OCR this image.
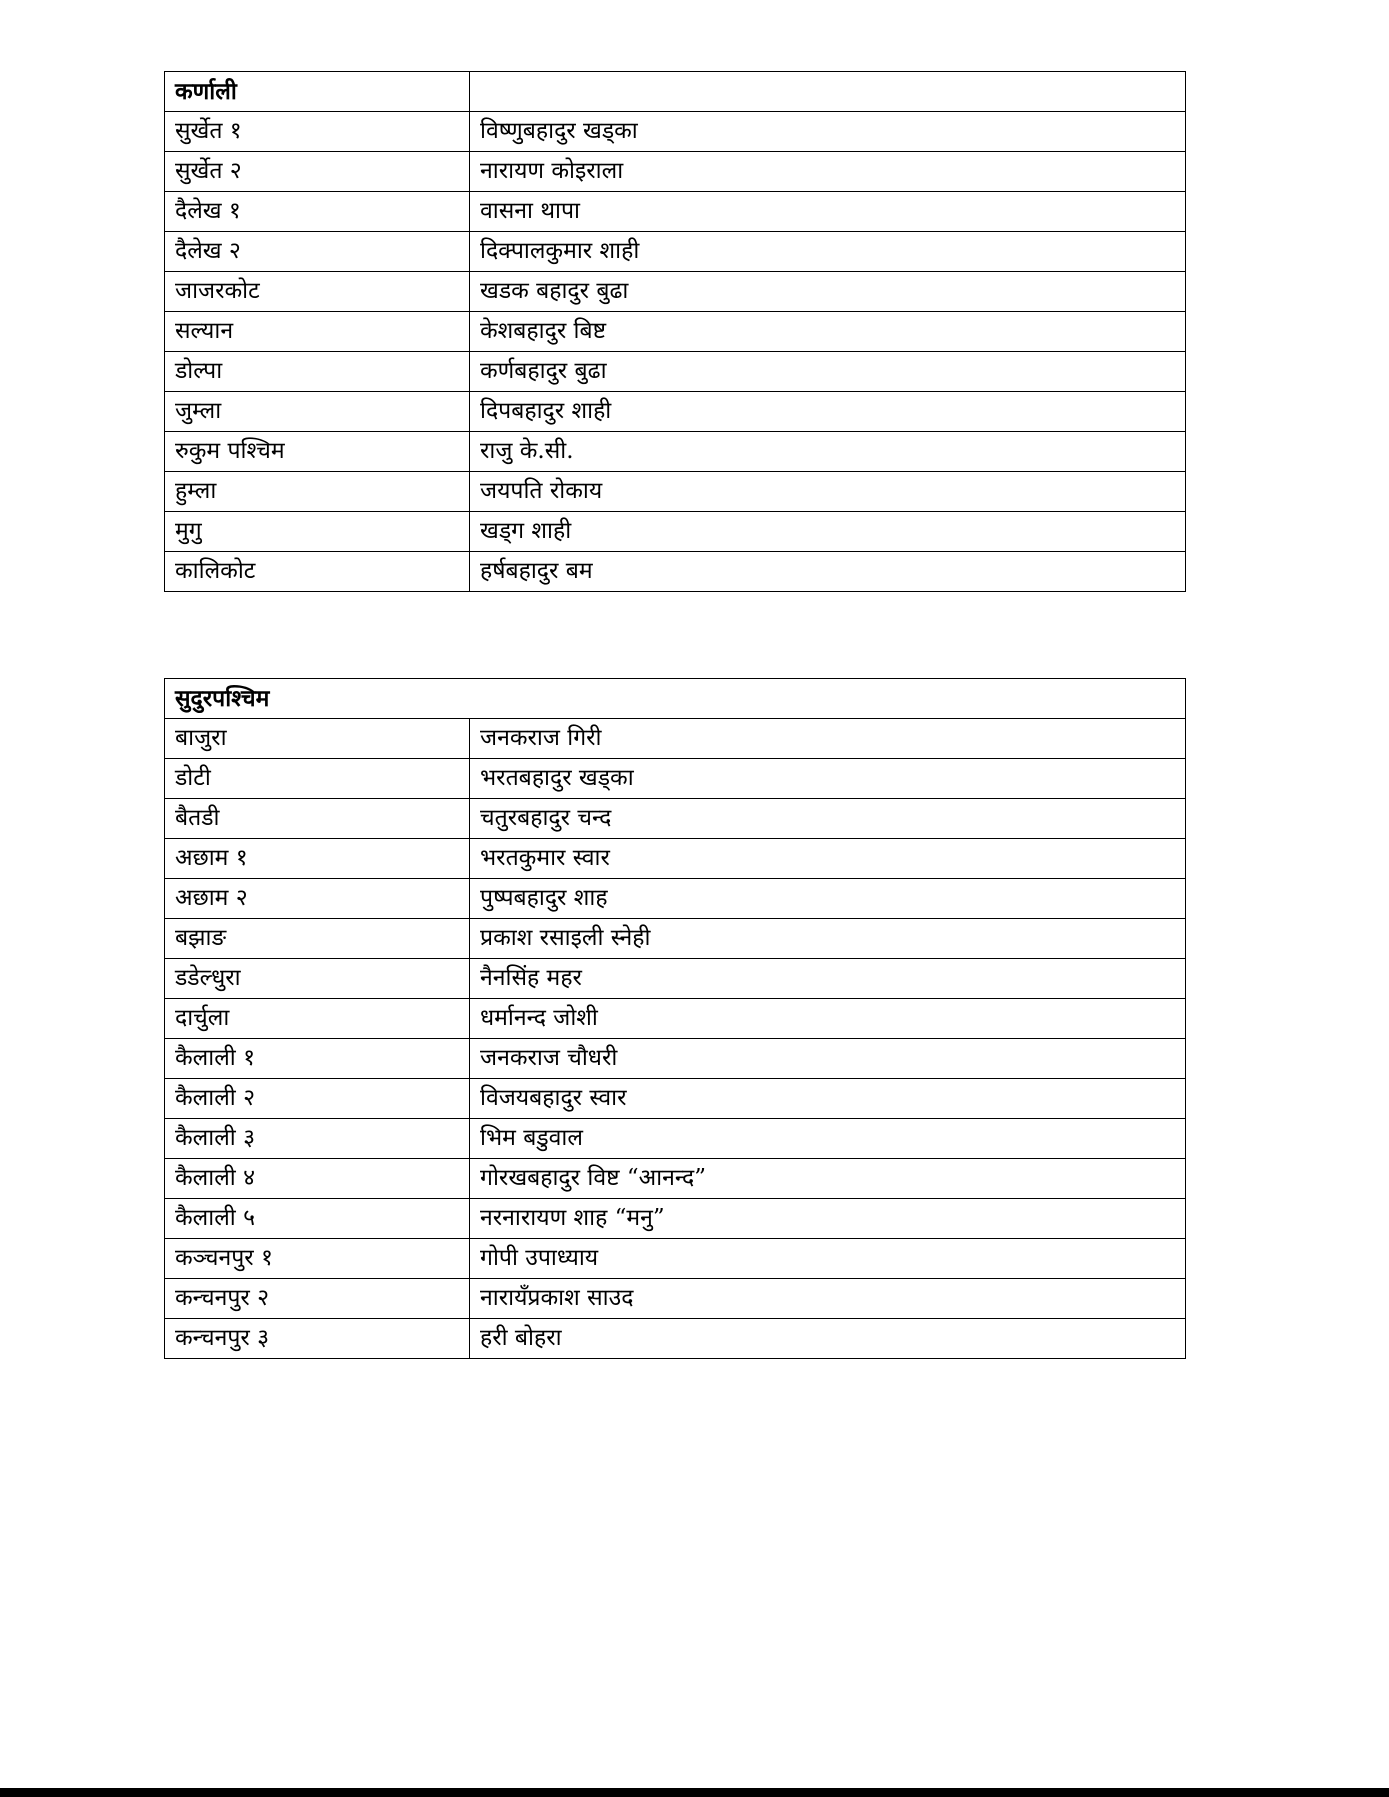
कर्णाली	
सुर्खेत १	विष्णुबहादुर खड्का
सुर्खेत २	नारायण कोइराला
दैलेख १	वासना थापा
दैलेख २	दिक्पालकुमार शाही
जाजरकोट	खडक बहादुर बुढा
सल्यान	केशबहादुर बिष्ट
डोल्पा	कर्णबहादुर बुढा
जुम्ला	दिपबहादुर शाही
रुकुम पश्चिम	राजु के.सी.
हुम्ला	जयपति रोकाय
मुगु	खड्ग शाही
कालिकोट	हर्षबहादुर बम
सुदुरपश्चिम	
बाजुरा	जनकराज गिरी
डोटी	भरतबहादुर खड्का
बैतडी	चतुरबहादुर चन्द
अछाम १	भरतकुमार स्वार
अछाम २	पुष्पबहादुर शाह
बझाङ	प्रकाश रसाइली स्नेही
डडेल्धुरा	नैनसिंह महर
दार्चुला	धर्मानन्द जोशी
कैलाली १	जनकराज चौधरी
कैलाली २	विजयबहादुर स्वार
कैलाली ३	भिम बडुवाल
कैलाली ४	गोरखबहादुर विष्ट “आनन्द”
कैलाली ५	नरनारायण शाह “मनु”
कञ्चनपुर १	गोपी उपाध्याय
कन्चनपुर २	नारायँप्रकाश साउद
कन्चनपुर ३	हरी बोहरा
